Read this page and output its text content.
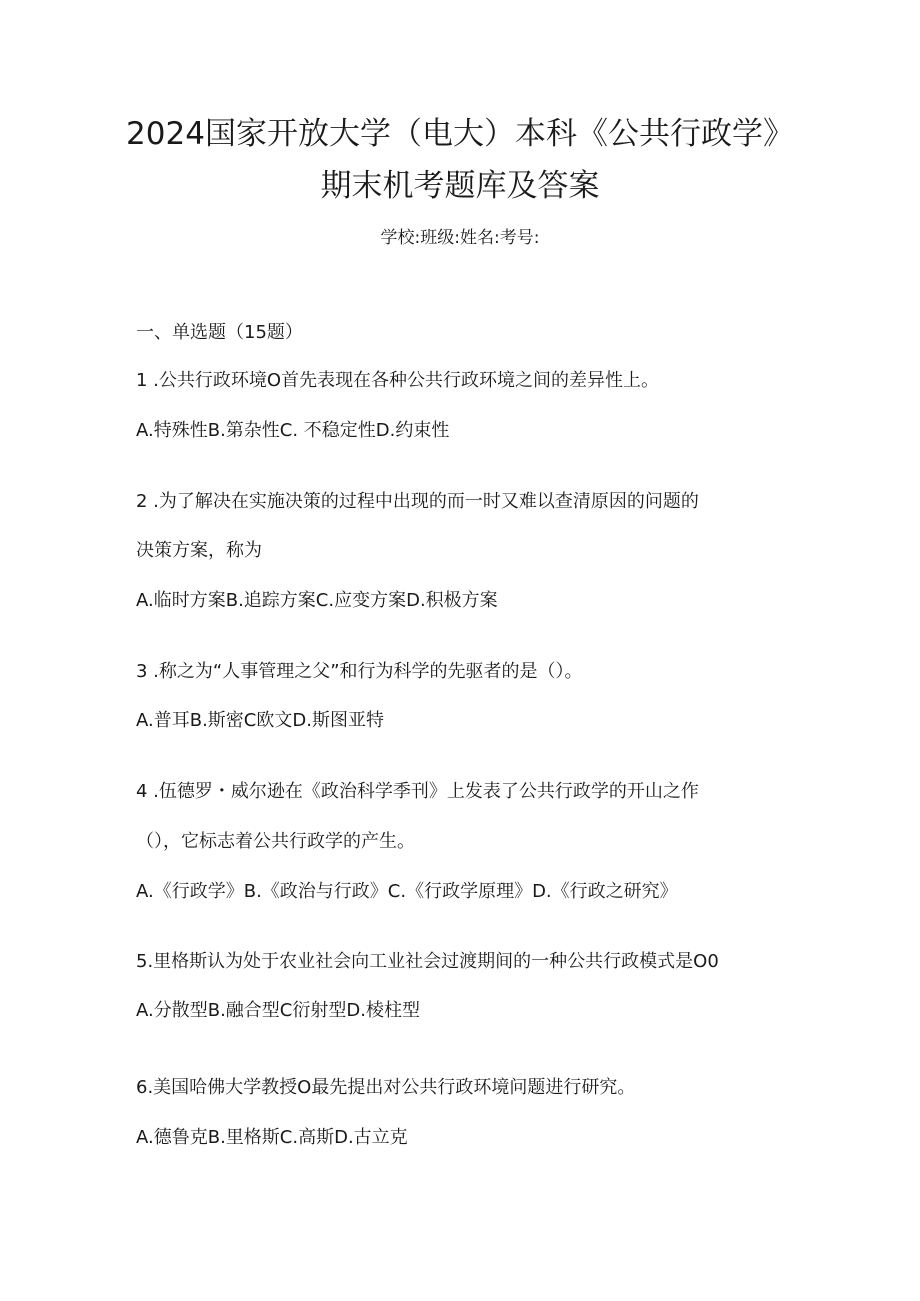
2024国家开放大学（电大）本科《公共行政学》期末机考题库及答案
学校:班级:姓名:考号:
一、单选题（15题）
1 .公共行政环境O首先表现在各种公共行政环境之间的差异性上。
A.特殊性B.第杂性C. 不稳定性D.约束性
2 .为了解决在实施决策的过程中出现的而一时又难以查清原因的问题的
决策方案，称为
A.临时方案B.追踪方案C.应变方案D.积极方案
3 .称之为“人事管理之父”和行为科学的先驱者的是（）。
A.普耳B.斯密C欧文D.斯图亚特
4 .伍德罗・威尔逊在《政治科学季刊》上发表了公共行政学的开山之作
（），它标志着公共行政学的产生。
A.《行政学》B.《政治与行政》C.《行政学原理》D.《行政之研究》
5.里格斯认为处于农业社会向工业社会过渡期间的一种公共行政模式是O0
A.分散型B.融合型C衍射型D.棱柱型
6.美国哈佛大学教授O最先提出对公共行政环境问题进行研究。
A.德鲁克B.里格斯C.高斯D.古立克
